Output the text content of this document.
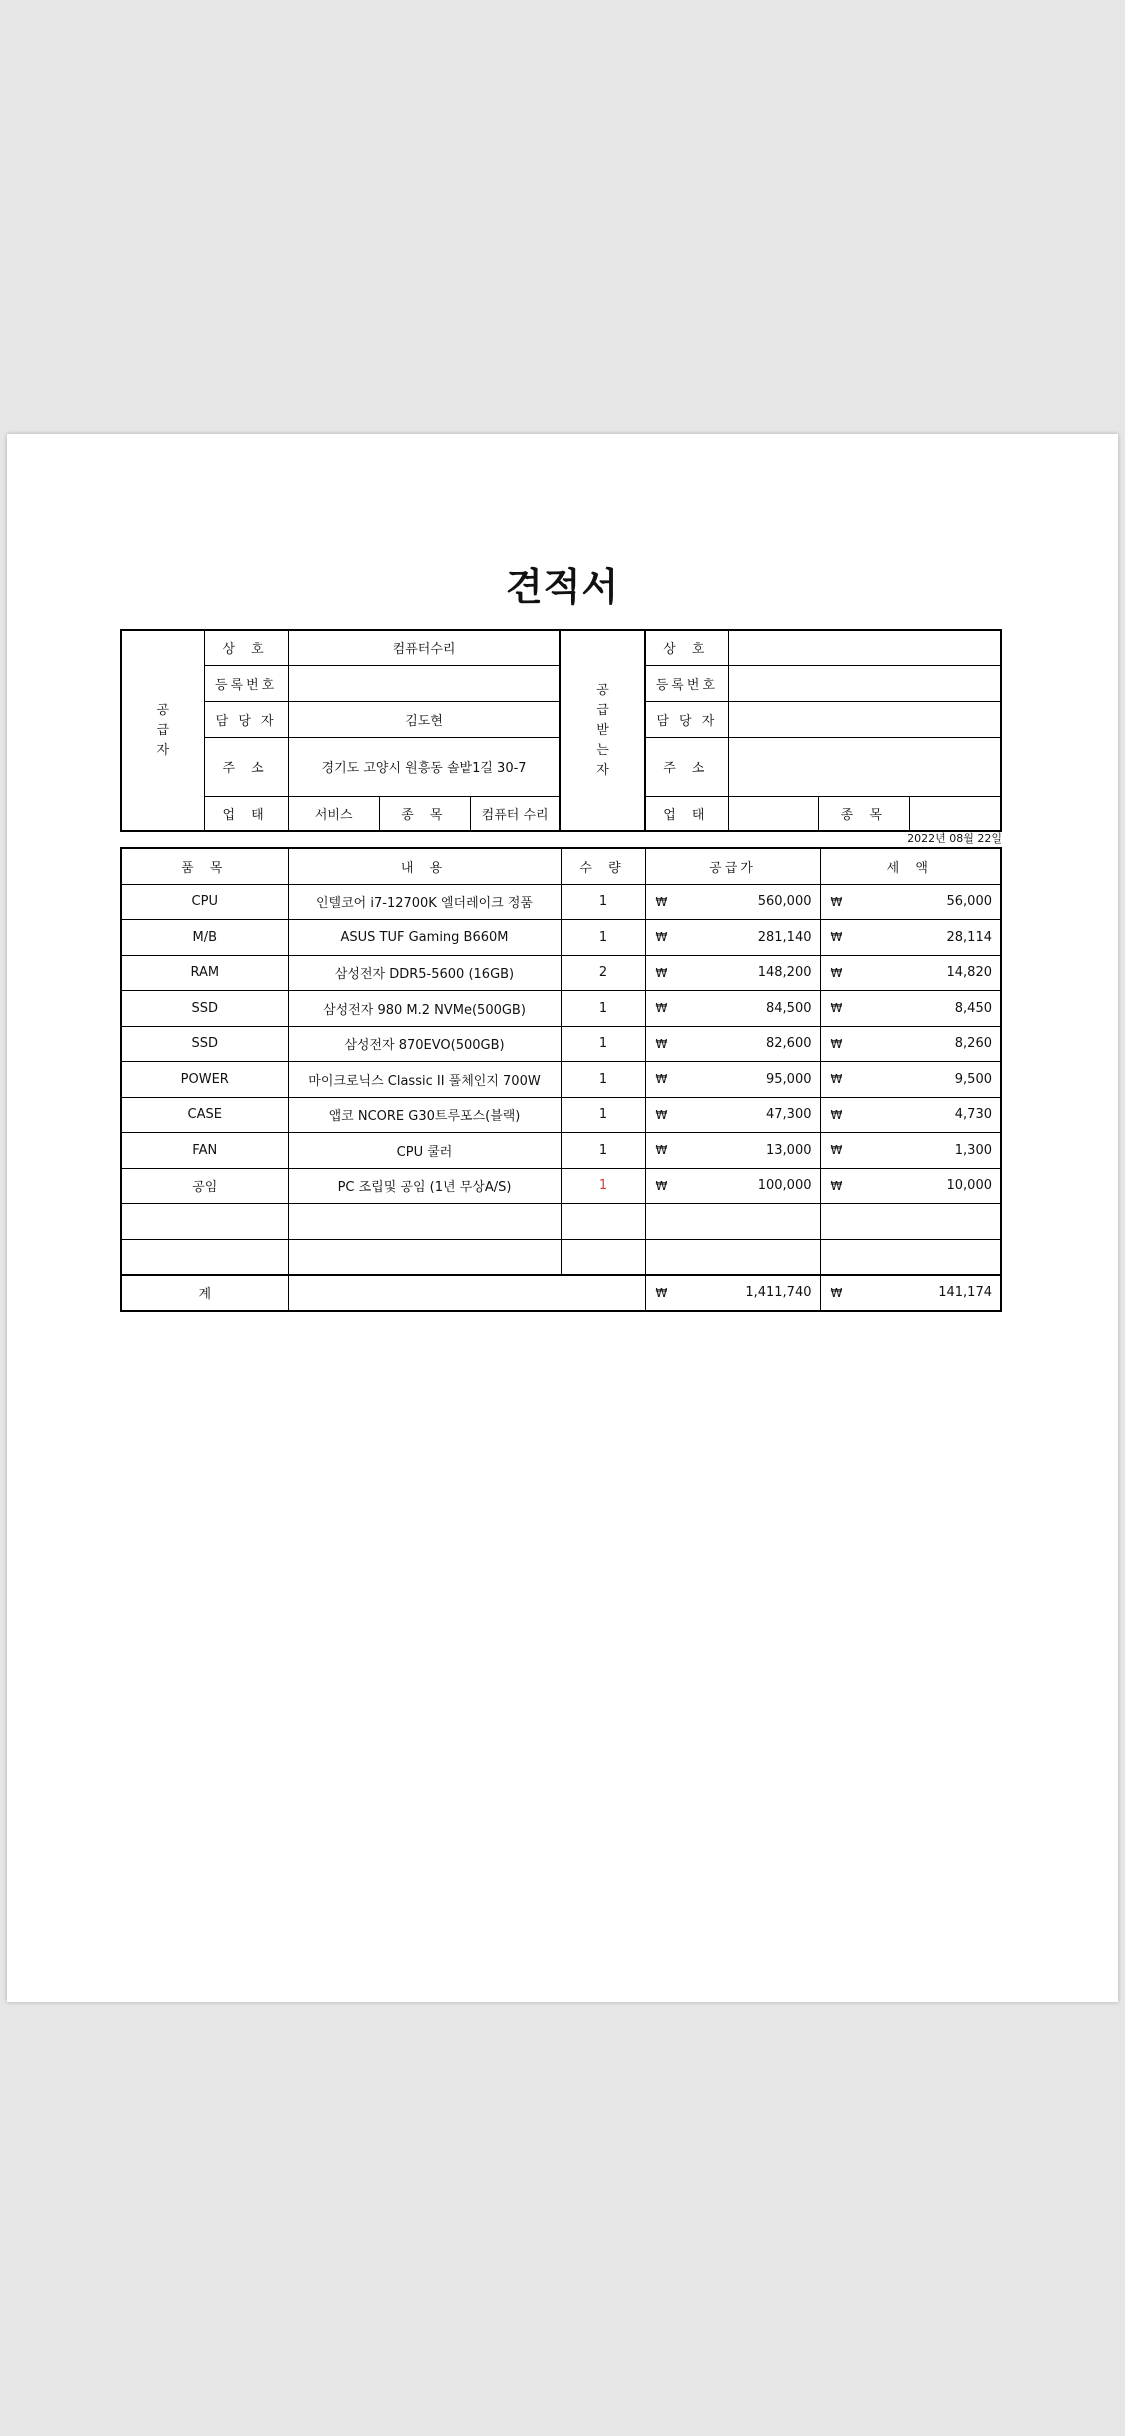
견적서
공급자	상 호	컴퓨터수리			공급받는자	상 호			
	등록번호					등록번호			
	담 당 자	김도현				담 당 자			
	주 소	경기도 고양시 원흥동 솔밭1길 30-7				주 소			
	업 태	서비스	종 목	컴퓨터 수리		업 태		종 목	
2022년 08월 22일
품 목	내 용	수 량	공급가	세 액
CPU	인텔코어 i7-12700K 엘더레이크 정품	1	₩ 560,000	₩ 56,000
M/B	ASUS TUF Gaming B660M	1	₩ 281,140	₩ 28,114
RAM	삼성전자 DDR5-5600 (16GB)	2	₩ 148,200	₩ 14,820
SSD	삼성전자 980 M.2 NVMe(500GB)	1	₩ 84,500	₩ 8,450
SSD	삼성전자 870EVO(500GB)	1	₩ 82,600	₩ 8,260
POWER	마이크로닉스 Classic II 풀체인지 700W	1	₩ 95,000	₩ 9,500
CASE	앱코 NCORE G30트루포스(블랙)	1	₩ 47,300	₩ 4,730
FAN	CPU 쿨러	1	₩ 13,000	₩ 1,300
공임	PC 조립및 공임 (1년 무상A/S)	1	₩ 100,000	₩ 10,000

계			₩ 1,411,740	₩ 141,174
